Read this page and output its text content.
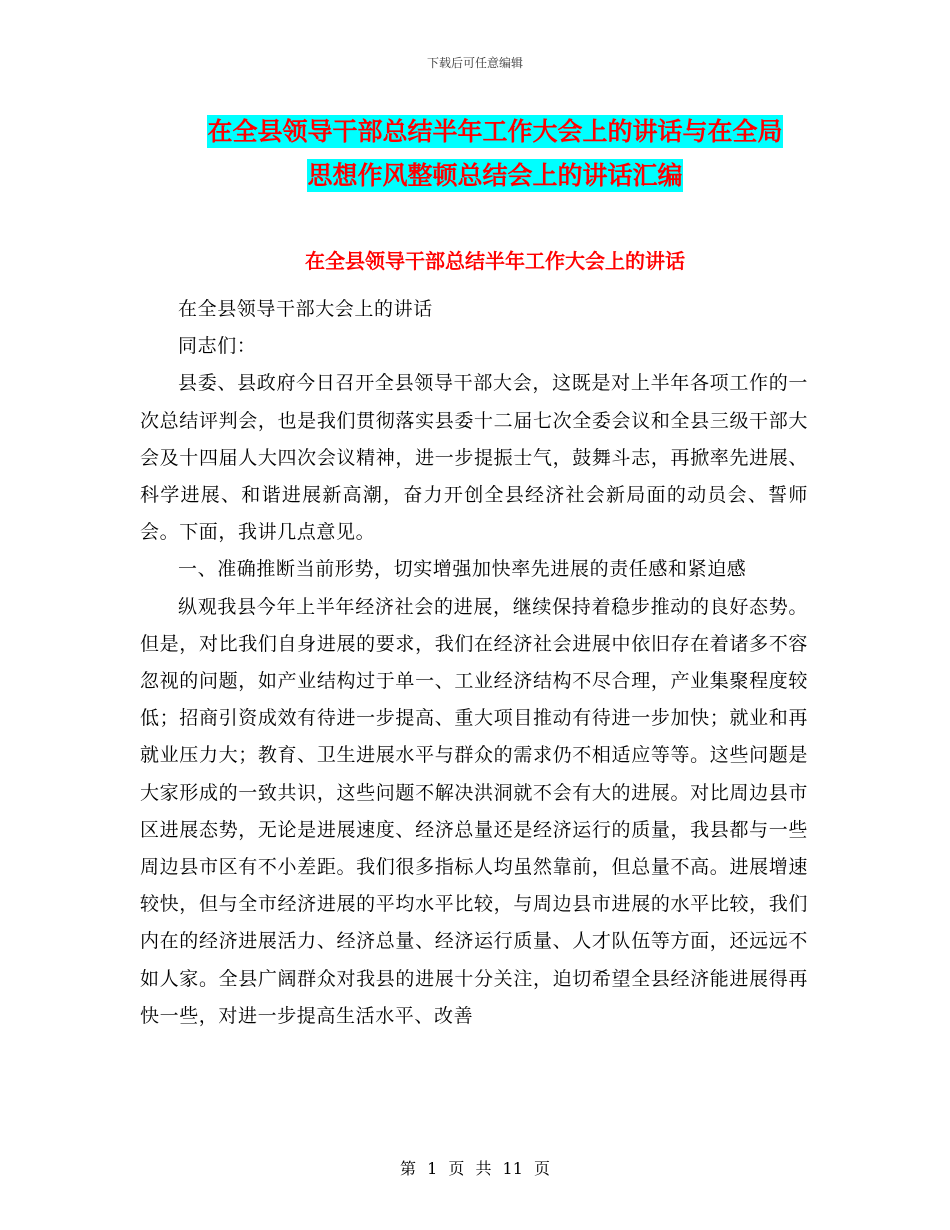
下载后可任意编辑
在全县领导干部总结半年工作大会上的讲话与在全局
思想作风整顿总结会上的讲话汇编
在全县领导干部总结半年工作大会上的讲话

在全县领导干部大会上的讲话

同志们：

县委、县政府今日召开全县领导干部大会，这既是对上半年各项工作的一次总结评判会，也是我们贯彻落实县委十二届七次全委会议和全县三级干部大会及十四届人大四次会议精神，进一步提振士气，鼓舞斗志，再掀率先进展、科学进展、和谐进展新高潮，奋力开创全县经济社会新局面的动员会、誓师会。下面，我讲几点意见。

一、准确推断当前形势，切实增强加快率先进展的责任感和紧迫感

纵观我县今年上半年经济社会的进展，继续保持着稳步推动的良好态势。但是，对比我们自身进展的要求，我们在经济社会进展中依旧存在着诸多不容忽视的问题，如产业结构过于单一、工业经济结构不尽合理，产业集聚程度较低；招商引资成效有待进一步提高、重大项目推动有待进一步加快；就业和再就业压力大；教育、卫生进展水平与群众的需求仍不相适应等等。这些问题是大家形成的一致共识，这些问题不解决洪洞就不会有大的进展。对比周边县市区进展态势，无论是进展速度、经济总量还是经济运行的质量，我县都与一些周边县市区有不小差距。我们很多指标人均虽然靠前，但总量不高。进展增速较快，但与全市经济进展的平均水平比较，与周边县市进展的水平比较，我们内在的经济进展活力、经济总量、经济运行质量、人才队伍等方面，还远远不如人家。全县广阔群众对我县的进展十分关注，迫切希望全县经济能进展得再快一些，对进一步提高生活水平、改善

第 1 页 共 11 页
